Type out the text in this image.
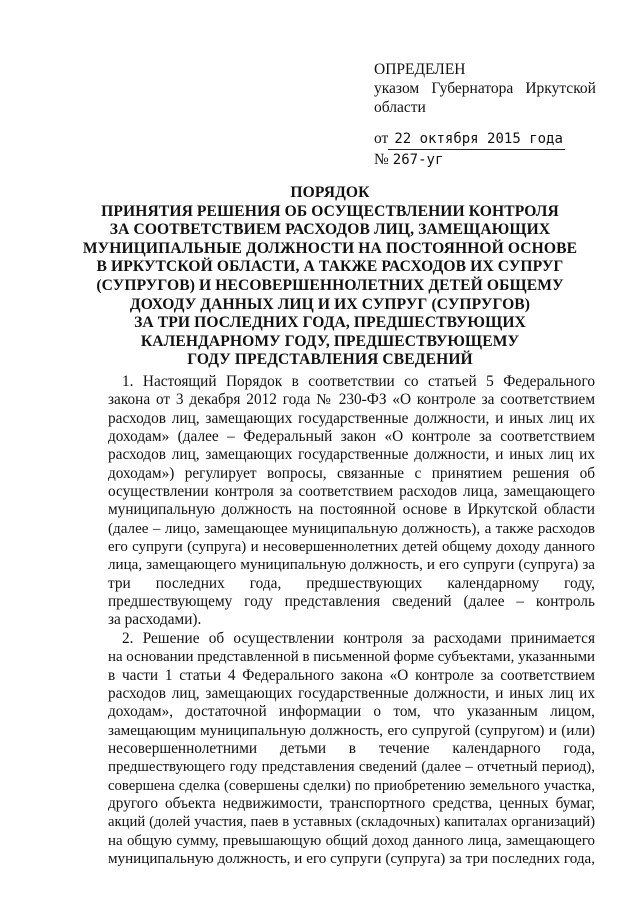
ОПРЕДЕЛЕН
указом Губернатора Иркутской
области
от 22 октября 2015 года
№ 267-уг
ПОРЯДОК
ПРИНЯТИЯ РЕШЕНИЯ ОБ ОСУЩЕСТВЛЕНИИ КОНТРОЛЯ
ЗА СООТВЕТСТВИЕМ РАСХОДОВ ЛИЦ, ЗАМЕЩАЮЩИХ
МУНИЦИПАЛЬНЫЕ ДОЛЖНОСТИ НА ПОСТОЯННОЙ ОСНОВЕ
В ИРКУТСКОЙ ОБЛАСТИ, А ТАКЖЕ РАСХОДОВ ИХ СУПРУГ
(СУПРУГОВ) И НЕСОВЕРШЕННОЛЕТНИХ ДЕТЕЙ ОБЩЕМУ
ДОХОДУ ДАННЫХ ЛИЦ И ИХ СУПРУГ (СУПРУГОВ)
ЗА ТРИ ПОСЛЕДНИХ ГОДА, ПРЕДШЕСТВУЮЩИХ
КАЛЕНДАРНОМУ ГОДУ, ПРЕДШЕСТВУЮЩЕМУ
ГОДУ ПРЕДСТАВЛЕНИЯ СВЕДЕНИЙ
1. Настоящий Порядок в соответствии со статьей 5 Федерального
закона от 3 декабря 2012 года № 230-ФЗ «О контроле за соответствием
расходов лиц, замещающих государственные должности, и иных лиц их
доходам» (далее – Федеральный закон «О контроле за соответствием
расходов лиц, замещающих государственные должности, и иных лиц их
доходам») регулирует вопросы, связанные с принятием решения об
осуществлении контроля за соответствием расходов лица, замещающего
муниципальную должность на постоянной основе в Иркутской области
(далее – лицо, замещающее муниципальную должность), а также расходов
его супруги (супруга) и несовершеннолетних детей общему доходу данного
лица, замещающего муниципальную должность, и его супруги (супруга) за
три последних года, предшествующих календарному году,
предшествующему году представления сведений (далее – контроль
за расходами).
2. Решение об осуществлении контроля за расходами принимается
на основании представленной в письменной форме субъектами, указанными
в части 1 статьи 4 Федерального закона «О контроле за соответствием
расходов лиц, замещающих государственные должности, и иных лиц их
доходам», достаточной информации о том, что указанным лицом,
замещающим муниципальную должность, его супругой (супругом) и (или)
несовершеннолетними детьми в течение календарного года,
предшествующего году представления сведений (далее – отчетный период),
совершена сделка (совершены сделки) по приобретению земельного участка,
другого объекта недвижимости, транспортного средства, ценных бумаг,
акций (долей участия, паев в уставных (складочных) капиталах организаций)
на общую сумму, превышающую общий доход данного лица, замещающего
муниципальную должность, и его супруги (супруга) за три последних года,
